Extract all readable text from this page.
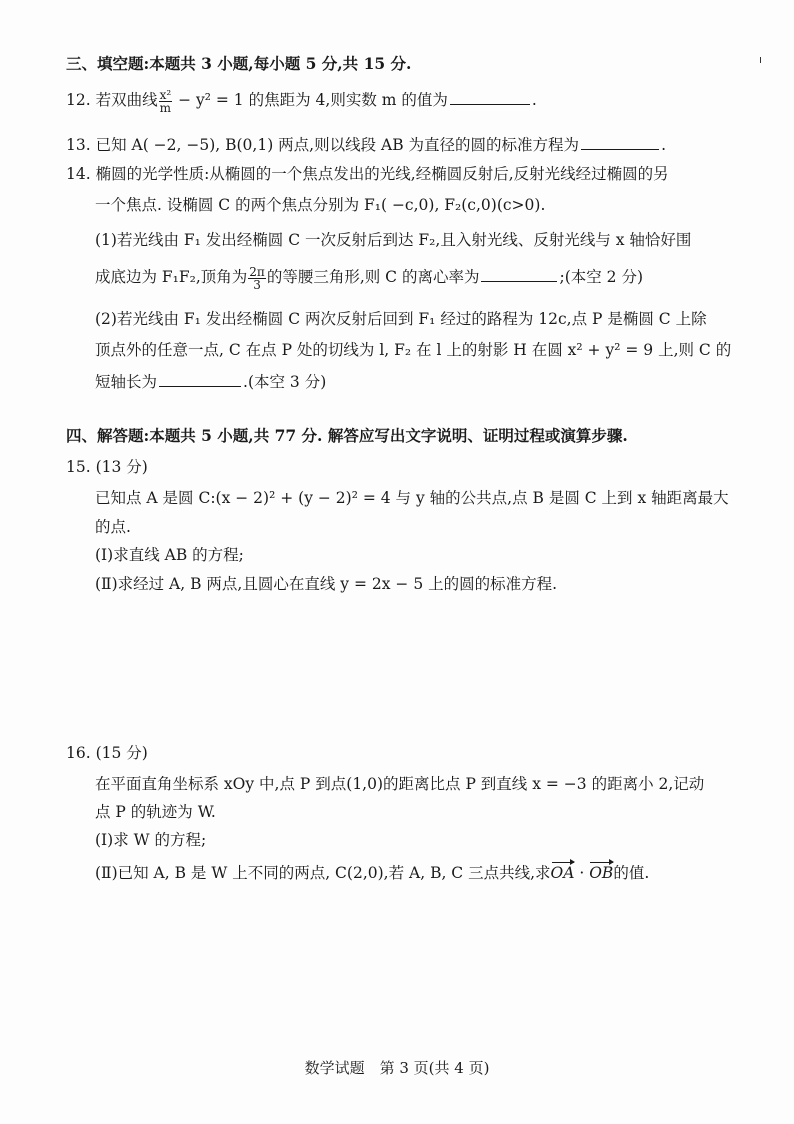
三、填空题:本题共 3 小题,每小题 5 分,共 15 分.
12. 若双曲线 $\frac{\text{x²}}{m} - y^2 = 1$ 的焦距为 4,则实数 m 的值为	.
13. 已知 A( −2, −5), B(0,1) 两点,则以线段 AB 为直径的圆的标准方程为	.
14. 椭圆的光学性质:从椭圆的一个焦点发出的光线,经椭圆反射后,反射光线经过椭圆的另
一个焦点. 设椭圆 C 的两个焦点分别为 F₁( −c,0), F₂(c,0)(c>0).
(1)若光线由 F₁ 发出经椭圆 C 一次反射后到达 F₂,且入射光线、反射光线与 x 轴恰好围
成底边为 F₁F₂,顶角为 $\frac{2\pi}{3}$ 的等腰三角形,则 C 的离心率为	;(本空 2 分)
(2)若光线由 F₁ 发出经椭圆 C 两次反射后回到 F₁ 经过的路程为 12c,点 P 是椭圆 C 上除
顶点外的任意一点, C 在点 P 处的切线为 l, F₂ 在 l 上的射影 H 在圆 x² + y² = 9 上,则 C 的
短轴长为	.(本空 3 分)
四、解答题:本题共 5 小题,共 77 分. 解答应写出文字说明、证明过程或演算步骤.
15. (13 分)
已知点 A 是圆 C:(x − 2)² + (y − 2)² = 4 与 y 轴的公共点,点 B 是圆 C 上到 x 轴距离最大
的点.
(Ⅰ)求直线 AB 的方程;
(Ⅱ)求经过 A, B 两点,且圆心在直线 y = 2x − 5 上的圆的标准方程.
16. (15 分)
在平面直角坐标系 xOy 中,点 P 到点(1,0)的距离比点 P 到直线 x = −3 的距离小 2,记动
点 P 的轨迹为 W.
(Ⅰ)求 W 的方程;
(Ⅱ)已知 A, B 是 W 上不同的两点, C(2,0),若 A, B, C 三点共线,求OA · OB的值.
数学试题　第 3 页(共 4 页)
